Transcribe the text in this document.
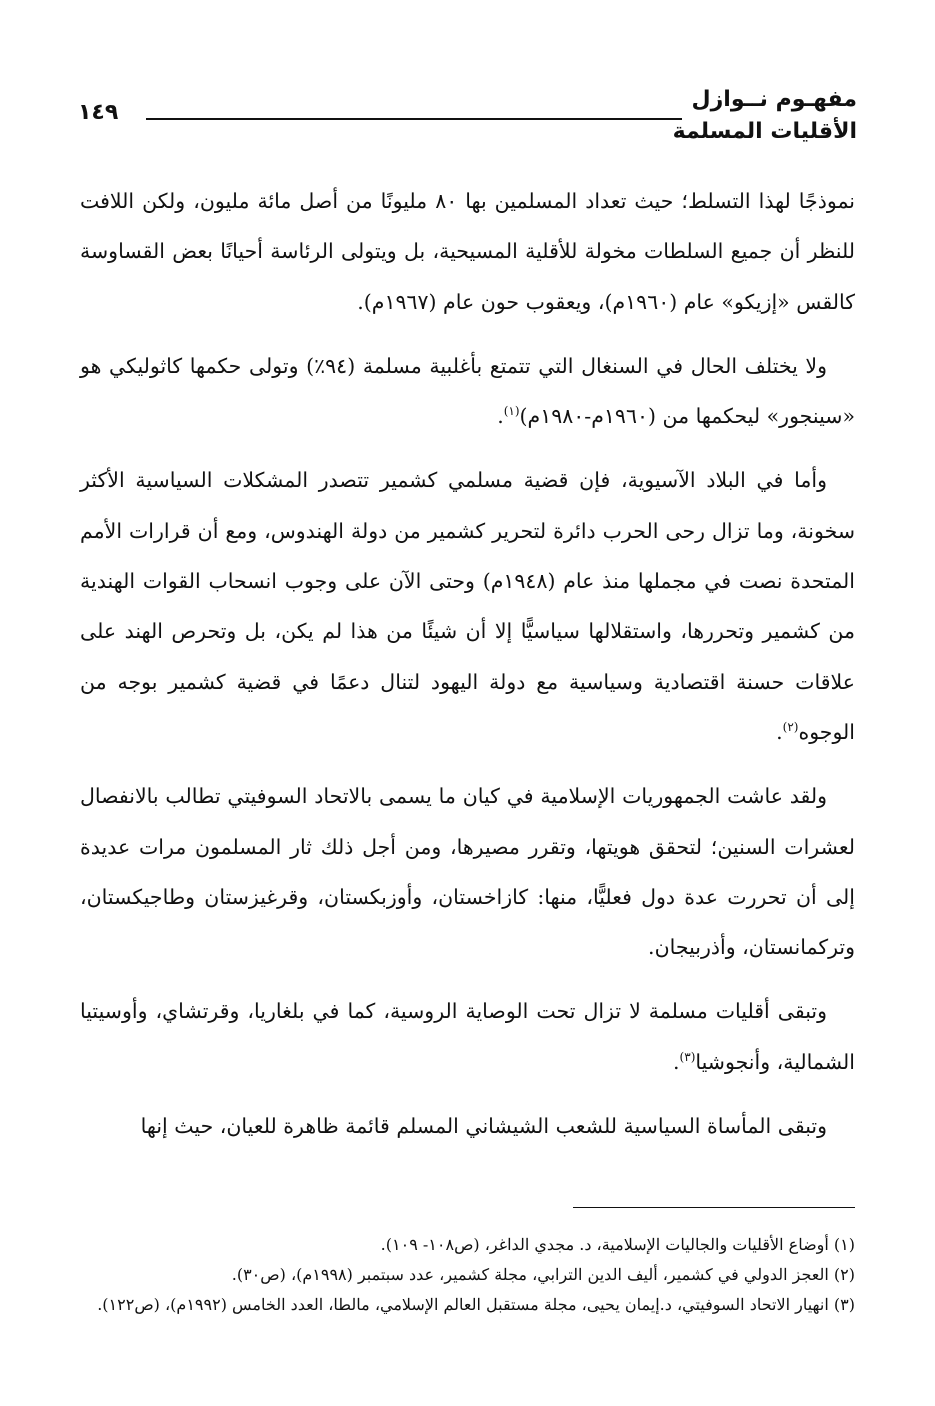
مفهـوم نــوازل
الأقليات المسلمة
١٤٩

نموذجًا لهذا التسلط؛ حيث تعداد المسلمين بها ٨٠ مليونًا من أصل مائة مليون، ولكن اللافت للنظر أن جميع السلطات مخولة للأقلية المسيحية، بل ويتولى الرئاسة أحيانًا بعض القساوسة كالقس «إزيكو» عام (١٩٦٠م)، ويعقوب حون عام (١٩٦٧م).

ولا يختلف الحال في السنغال التي تتمتع بأغلبية مسلمة (٩٤٪) وتولى حكمها كاثوليكي هو «سينجور» ليحكمها من (١٩٦٠م-١٩٨٠م)$^{(١)}$.

وأما في البلاد الآسيوية، فإن قضية مسلمي كشمير تتصدر المشكلات السياسية الأكثر سخونة، وما تزال رحى الحرب دائرة لتحرير كشمير من دولة الهندوس، ومع أن قرارات الأمم المتحدة نصت في مجملها منذ عام (١٩٤٨م) وحتى الآن على وجوب انسحاب القوات الهندية من كشمير وتحررها، واستقلالها سياسيًّا إلا أن شيئًا من هذا لم يكن، بل وتحرص الهند على علاقات حسنة اقتصادية وسياسية مع دولة اليهود لتنال دعمًا في قضية كشمير بوجه من الوجوه$^{(٢)}$.

ولقد عاشت الجمهوريات الإسلامية في كيان ما يسمى بالاتحاد السوفيتي تطالب بالانفصال لعشرات السنين؛ لتحقق هويتها، وتقرر مصيرها، ومن أجل ذلك ثار المسلمون مرات عديدة إلى أن تحررت عدة دول فعليًّا، منها: كازاخستان، وأوزبكستان، وقرغيزستان وطاجيكستان، وتركمانستان، وأذربيجان.

وتبقى أقليات مسلمة لا تزال تحت الوصاية الروسية، كما في بلغاريا، وقرتشاي، وأوسيتيا الشمالية، وأنجوشيا$^{(٣)}$.

وتبقى المأساة السياسية للشعب الشيشاني المسلم قائمة ظاهرة للعيان، حيث إنها

(١) أوضاع الأقليات والجاليات الإسلامية، د. مجدي الداغر، (ص١٠٨- ١٠٩).

(٢) العجز الدولي في كشمير، أليف الدين الترابي، مجلة كشمير، عدد سبتمبر (١٩٩٨م)، (ص٣٠).

(٣) انهيار الاتحاد السوفيتي، د.إيمان يحيى، مجلة مستقبل العالم الإسلامي، مالطا، العدد الخامس (١٩٩٢م)، (ص١٢٢).
